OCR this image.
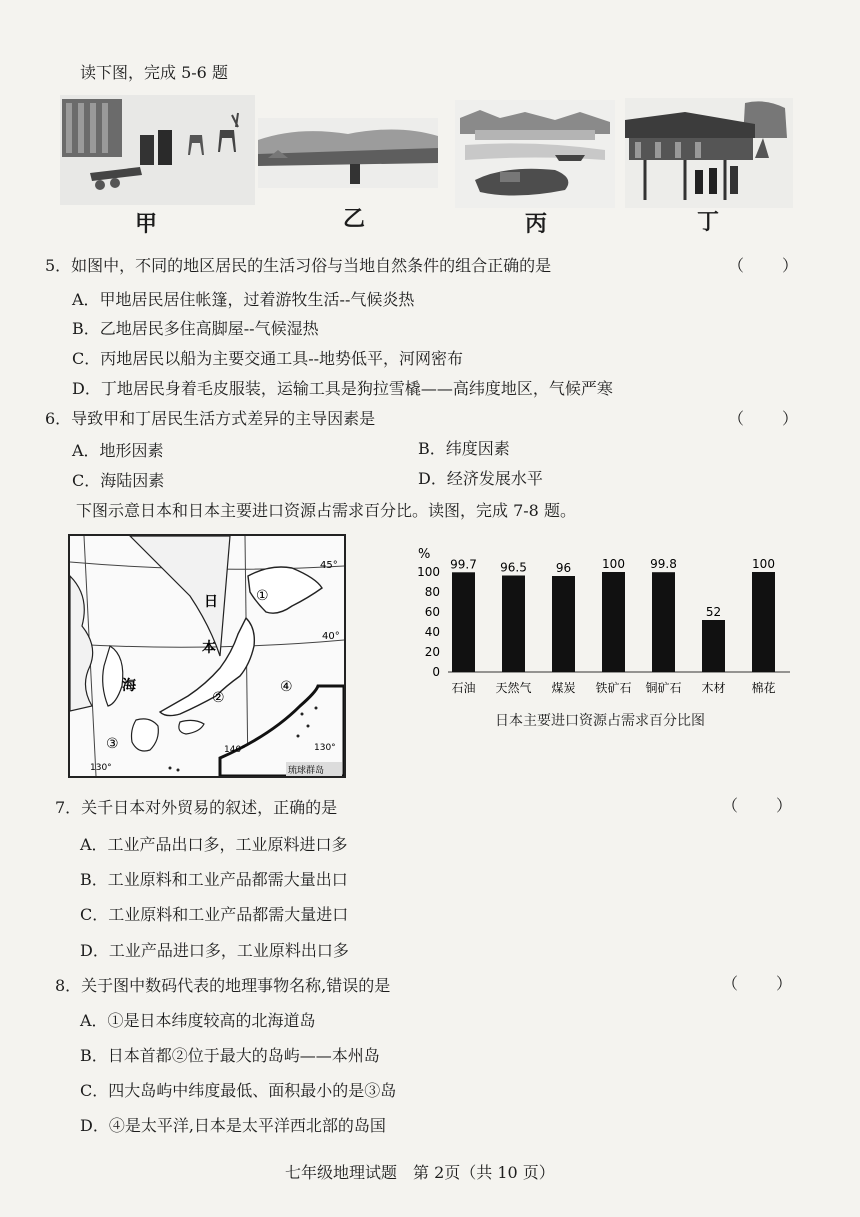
读下图，完成 5-6 题
甲	乙	丙	丁
5．如图中，不同的地区居民的生活习俗与当地自然条件的组合正确的是	（　　）
A．甲地居民居住帐篷，过着游牧生活--气候炎热
B．乙地居民多住高脚屋--气候湿热
C．丙地居民以船为主要交通工具--地势低平，河网密布
D．丁地居民身着毛皮服装，运输工具是狗拉雪橇——高纬度地区，气候严寒
6．导致甲和丁居民生活方式差异的主导因素是	（　　）
A．地形因素	B．纬度因素
C．海陆因素	D．经济发展水平
下图示意日本和日本主要进口资源占需求百分比。读图，完成 7-8 题。
45°
40°
140°
130°
130°
日
本
海
①
②
③
④
琉球群岛
%
100
80
60
40
20
0
99.7 96.5 96	100 99.8
52
100
石油 天然气 煤炭 铁矿石 铜矿石 木材 棉花
日本主要进口资源占需求百分比图
7．关千日本对外贸易的叙述，正确的是	（　　）
A．工业产品出口多，工业原料进口多
B．工业原料和工业产品都需大量出口
C．工业原料和工业产品都需大量进口
D．工业产品进口多，工业原料出口多
8．关于图中数码代表的地理事物名称,错误的是	（　　）
A．①是日本纬度较高的北海道岛
B．日本首都②位于最大的岛屿——本州岛
C．四大岛屿中纬度最低、面积最小的是③岛
D．④是太平洋,日本是太平洋西北部的岛国
七年级地理试题　第 2页（共 10 页）
